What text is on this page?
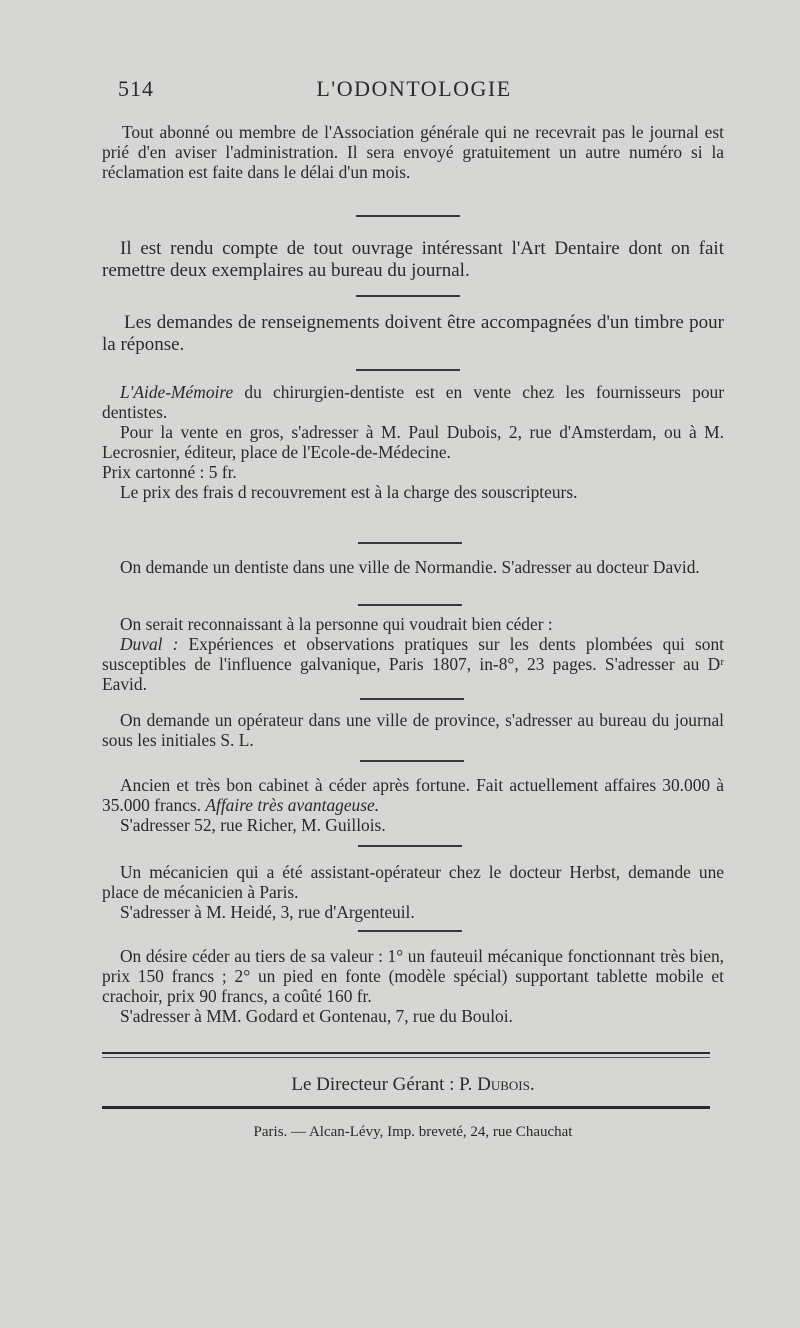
514	L'ODONTOLOGIE

Tout abonné ou membre de l'Association générale qui ne recevrait pas le journal est prié d'en aviser l'administration. Il sera envoyé gratuitement un autre numéro si la réclamation est faite dans le délai d'un mois.

Il est rendu compte de tout ouvrage intéressant l'Art Dentaire dont on fait remettre deux exemplaires au bureau du journal.

Les demandes de renseignements doivent être accompagnées d'un timbre pour la réponse.

L'Aide-Mémoire du chirurgien-dentiste est en vente chez les fournisseurs pour dentistes.

Pour la vente en gros, s'adresser à M. Paul Dubois, 2, rue d'Amsterdam, ou à M. Lecrosnier, éditeur, place de l'Ecole-de-Médecine.

Prix cartonné : 5 fr.

Le prix des frais d recouvrement est à la charge des souscripteurs.

On demande un dentiste dans une ville de Normandie. S'adresser au docteur David.

On serait reconnaissant à la personne qui voudrait bien céder :

Duval : Expériences et observations pratiques sur les dents plombées qui sont susceptibles de l'influence galvanique, Paris 1807, in-8°, 23 pages. S'adresser au Dʳ Eavid.

On demande un opérateur dans une ville de province, s'adresser au bureau du journal sous les initiales S. L.

Ancien et très bon cabinet à céder après fortune. Fait actuellement affaires 30.000 à 35.000 francs. Affaire très avantageuse.

S'adresser 52, rue Richer, M. Guillois.

Un mécanicien qui a été assistant-opérateur chez le docteur Herbst, demande une place de mécanicien à Paris.

S'adresser à M. Heidé, 3, rue d'Argenteuil.

On désire céder au tiers de sa valeur : 1° un fauteuil mécanique fonctionnant très bien, prix 150 francs ; 2° un pied en fonte (modèle spécial) supportant tablette mobile et crachoir, prix 90 francs, a coûté 160 fr.

S'adresser à MM. Godard et Gontenau, 7, rue du Bouloi.

Le Directeur Gérant : P. Dubois.
Paris. — Alcan-Lévy, Imp. breveté, 24, rue Chauchat
